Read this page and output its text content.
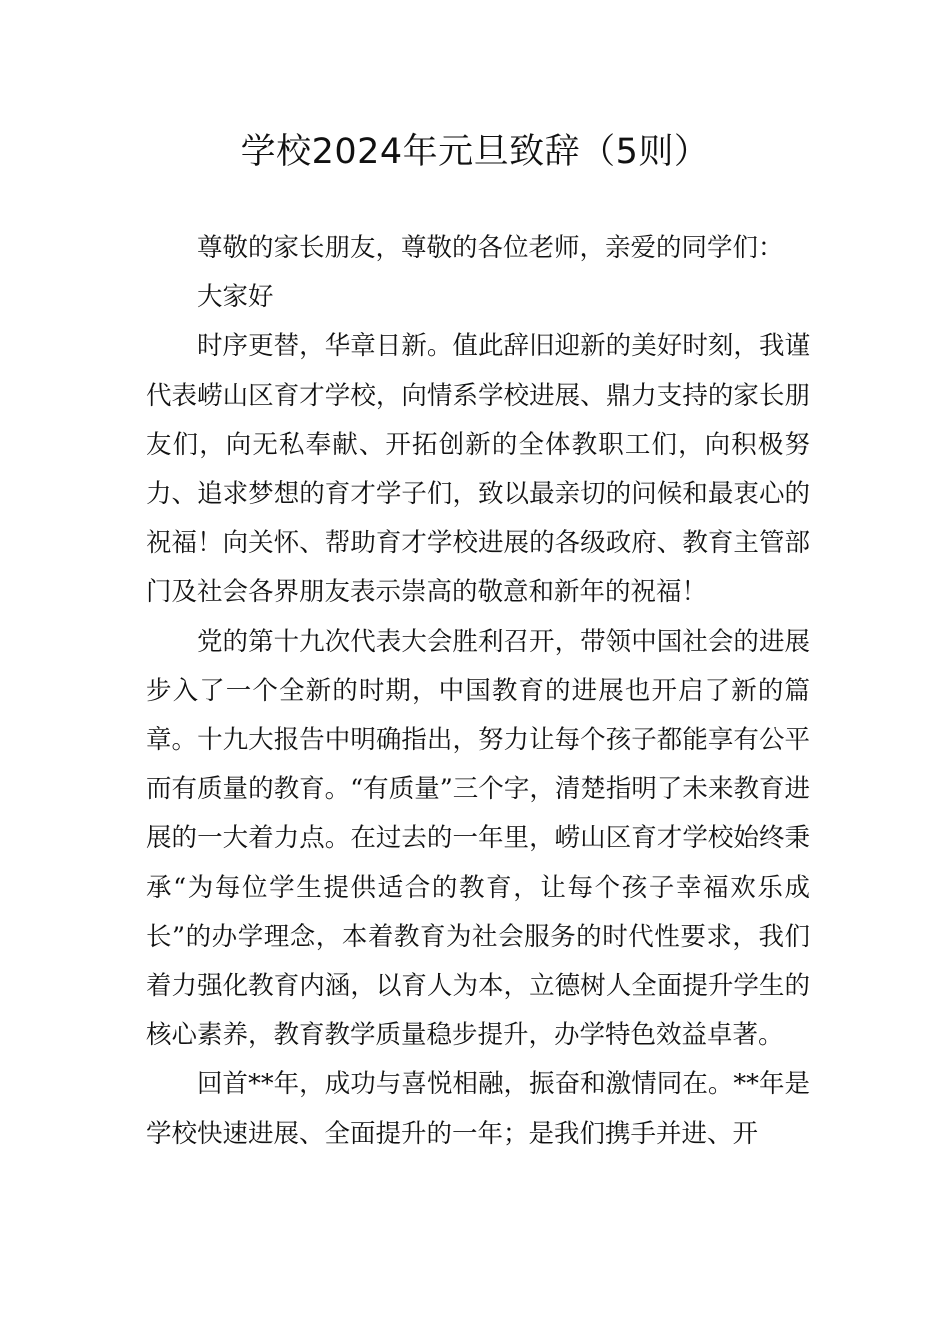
学校2024年元旦致辞（5则）

尊敬的家长朋友，尊敬的各位老师，亲爱的同学们：

大家好

时序更替，华章日新。值此辞旧迎新的美好时刻，我谨代表崂山区育才学校，向情系学校进展、鼎力支持的家长朋友们，向无私奉献、开拓创新的全体教职工们，向积极努力、追求梦想的育才学子们，致以最亲切的问候和最衷心的祝福！向关怀、帮助育才学校进展的各级政府、教育主管部门及社会各界朋友表示崇高的敬意和新年的祝福！

党的第十九次代表大会胜利召开，带领中国社会的进展步入了一个全新的时期，中国教育的进展也开启了新的篇章。十九大报告中明确指出，努力让每个孩子都能享有公平而有质量的教育。“有质量”三个字，清楚指明了未来教育进展的一大着力点。在过去的一年里，崂山区育才学校始终秉承“为每位学生提供适合的教育，让每个孩子幸福欢乐成长”的办学理念，本着教育为社会服务的时代性要求，我们着力强化教育内涵，以育人为本，立德树人全面提升学生的核心素养，教育教学质量稳步提升，办学特色效益卓著。

回首**年，成功与喜悦相融，振奋和激情同在。**年是学校快速进展、全面提升的一年；是我们携手并进、开
